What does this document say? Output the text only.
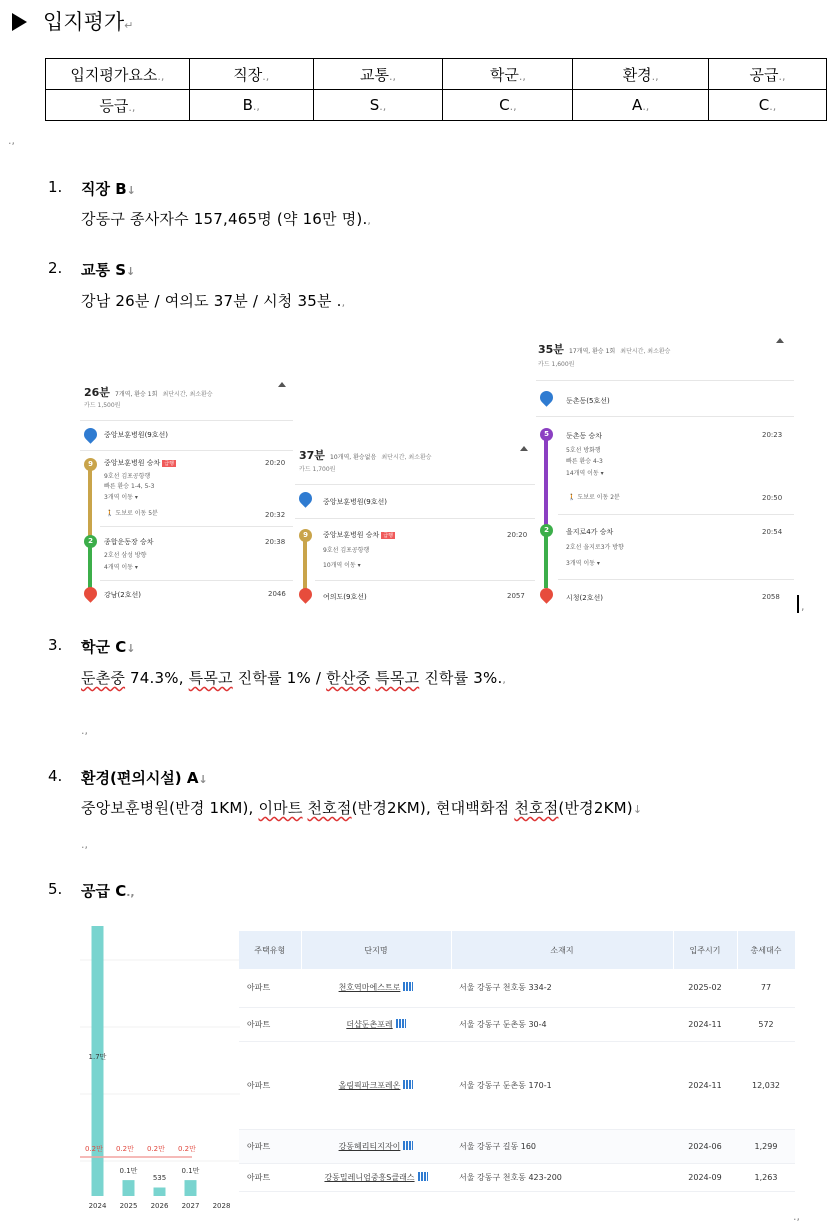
입지평가↵
입지평가요소.,	직장.,	교통.,	학군.,	환경.,	공급.,
등급.,	B.,	S.,	C.,	A.,	C.,
.,
1. 직장 B↓
강동구 종사자수 157,465명 (약 16만 명).,
2. 교통 S↓
강남 26분 / 여의도 37분 / 시청 35분 .,
26분 7개역, 환승 1회 최단시간, 최소환승
카드 1,500원
중앙보훈병원(9호선)
9	중앙보훈병원 승차 급행
9호선 김포공항행
빠른 환승 1-4, 5-3
3개역 이동 ▾
20:20
🚶 도보로 이동 5분	20:32
2	종합운동장 승차
2호선 삼성 방향
4개역 이동 ▾
20:38
강남(2호선)	2046
37분 10개역, 환승없음 최단시간, 최소환승
카드 1,700원
중앙보훈병원(9호선)
9	중앙보훈병원 승차 급행
9호선 김포공항행
10개역 이동 ▾
20:20
여의도(9호선)	2057
35분 17개역, 환승 1회 최단시간, 최소환승
카드 1,600원
둔촌동(5호선)
5	둔촌동 승차
5호선 방화행
빠른 환승 4-3
14개역 이동 ▾
20:23
🚶 도보로 이동 2분	20:50
2	을지로4가 승차
2호선 을지로3가 방향
3개역 이동 ▾
20:54
시청(2호선)	2058
,
3. 학군 C↓
둔촌중 74.3%, 특목고 진학률 1% / 한산중 특목고 진학률 3%.,
.,
4. 환경(편의시설) A↓
중앙보훈병원(반경 1KM), 이마트 천호점(반경2KM), 현대백화점 천호점(반경2KM)↓
.,
5. 공급 C.,
2024
1.7만
2025
0.1만
2026
535
2027
0.1만
2028
0.2만 0.2만 0.2만 0.2만
주택유형	단지명	소재지	입주시기	총세대수
아파트	천호역마에스트로	서울 강동구 천호동 334-2	2025-02	77
아파트	더샵둔촌포레	서울 강동구 둔촌동 30-4	2024-11	572
아파트	올림픽파크포레온	서울 강동구 둔촌동 170-1	2024-11	12,032
아파트	강동헤리티지자이	서울 강동구 길동 160	2024-06	1,299
아파트	강동밀레니엄중흥S클래스	서울 강동구 천호동 423-200	2024-09	1,263
.,
